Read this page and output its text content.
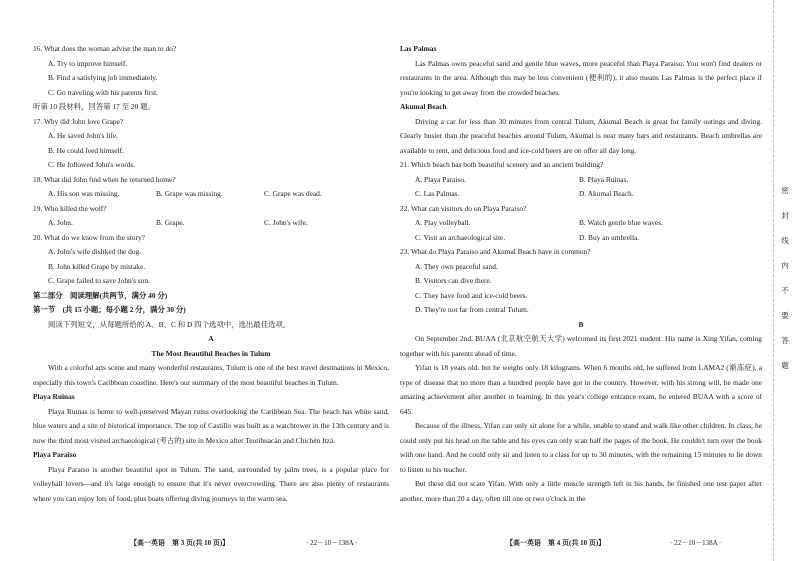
16. What does the woman advise the man to do?
A. Try to improve himself.
B. Find a satisfying job immediately.
C. Go traveling with his parents first.
听第 10 段材料，回答第 17 至 20 题。
17. Why did John love Grape?
A. He saved John's life.
B. He could feed himself.
C. He followed John's words.
18. What did John find when he returned home?
A. His son was missing.	B. Grape was missing.	C. Grape was dead.
19. Who killed the wolf?
A. John.	B. Grape.	C. John's wife.
20. What do we know from the story?
A. John's wife disliked the dog.
B. John killed Grape by mistake.
C. Grape failed to save John's son.
第二部分　阅读理解(共两节，满分 40 分)
第一节　(共 15 小题；每小题 2 分，满分 30 分)
阅读下列短文，从每题所给的 A、B、C 和 D 四个选项中，选出最佳选项。
A
The Most Beautiful Beaches in Tulum
With a colorful arts scene and many wonderful restaurants, Tulum is one of the best travel destinations in Mexico, especially this town's Caribbean coastline. Here's our summary of the most beautiful beaches in Tulum.
Playa Ruinas
Playa Ruinas is home to well-preserved Mayan ruins overlooking the Caribbean Sea. The beach has white sand, blue waters and a site of historical importance. The top of Castillo was built as a watchtower in the 13th century and is now the third most visited archaeological (考古的) site in Mexico after Teotihuacán and Chichén Itzá.
Playa Paraiso
Playa Paraiso is another beautiful spot in Tulum. The sand, surrounded by palm trees, is a popular place for volleyball lovers—and it's large enough to ensure that it's never overcrowding. There are also plenty of restaurants where you can enjoy lots of food, plus boats offering diving journeys in the warm sea.
Las Palmas
Las Palmas owns peaceful sand and gentle blue waves, more peaceful than Playa Paraiso. You won't find dealers or restaurants in the area. Although this may be less convenient (便利的), it also means Las Palmas is the perfect place if you're looking to get away from the crowded beaches.
Akumal Beach
Driving a car for less than 30 minutes from central Tulum, Akumal Beach is great for family outings and diving. Clearly busier than the peaceful beaches around Tulum, Akumal is near many bars and restaurants. Beach umbrellas are available to rent, and delicious food and ice-cold beers are on offer all day long.
21. Which beach has both beautiful scenery and an ancient building?
A. Playa Paraiso.	B. Playa Ruinas.
C. Las Palmas.	D. Akumal Beach.
22. What can visitors do on Playa Paraiso?
A. Play volleyball.	B. Watch gentle blue waves.
C. Visit an archaeological site.	D. Buy an umbrella.
23. What do Playa Paraiso and Akumal Beach have in common?
A. They own peaceful sand.
B. Visitors can dive there.
C. They have food and ice-cold beers.
D. They're not far from central Tulum.
B
On September 2nd, BUAA (北京航空航天大学) welcomed its first 2021 student. His name is Xing Yifan, coming together with his parents ahead of time.
Yifan is 18 years old, but he weighs only 18 kilograms. When 6 months old, he suffered from LAMA2 (渐冻症), a type of disease that no more than a hundred people have got in the country. However, with his strong will, he made one amazing achievement after another in learning. In this year's college entrance exam, he entered BUAA with a score of 645.
Because of the illness, Yifan can only sit alone for a while, unable to stand and walk like other children. In class, he could only put his head on the table and his eyes can only scan half the pages of the book. He couldn't turn over the book with one hand. And he could only sit and listen to a class for up to 30 minutes, with the remaining 15 minutes to lie down to listen to his teacher.
But these did not scare Yifan. With only a little muscle strength left in his hands, he finished one test paper after another, more than 20 a day, often till one or two o'clock in the
【高一英语　第 3 页(共 10 页)】	· 22－10－138A ·	【高一英语　第 4 页(共 10 页)】	· 22－10－138A ·
密
封
线
内
不
要
答
题
